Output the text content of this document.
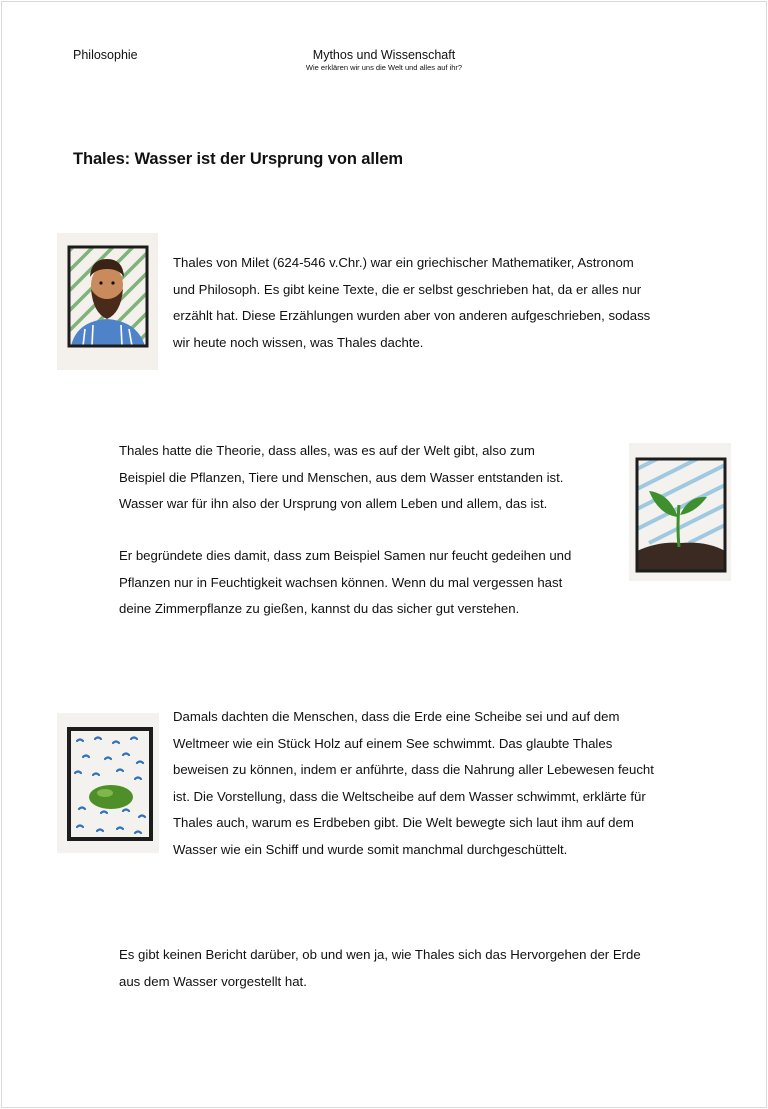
Philosophie	Mythos und Wissenschaft
Wie erklären wir uns die Welt und alles auf ihr?
Thales: Wasser ist der Ursprung von allem

Thales von Milet (624-546 v.Chr.) war ein griechischer Mathematiker, Astronom
und Philosoph. Es gibt keine Texte, die er selbst geschrieben hat, da er alles nur
erzählt hat. Diese Erzählungen wurden aber von anderen aufgeschrieben, sodass
wir heute noch wissen, was Thales dachte.

Thales hatte die Theorie, dass alles, was es auf der Welt gibt, also zum
Beispiel die Pflanzen, Tiere und Menschen, aus dem Wasser entstanden ist.
Wasser war für ihn also der Ursprung von allem Leben und allem, das ist.

Er begründete dies damit, dass zum Beispiel Samen nur feucht gedeihen und
Pflanzen nur in Feuchtigkeit wachsen können. Wenn du mal vergessen hast
deine Zimmerpflanze zu gießen, kannst du das sicher gut verstehen.

Damals dachten die Menschen, dass die Erde eine Scheibe sei und auf dem
Weltmeer wie ein Stück Holz auf einem See schwimmt. Das glaubte Thales
beweisen zu können, indem er anführte, dass die Nahrung aller Lebewesen feucht
ist. Die Vorstellung, dass die Weltscheibe auf dem Wasser schwimmt, erklärte für
Thales auch, warum es Erdbeben gibt. Die Welt bewegte sich laut ihm auf dem
Wasser wie ein Schiff und wurde somit manchmal durchgeschüttelt.

Es gibt keinen Bericht darüber, ob und wen ja, wie Thales sich das Hervorgehen der Erde
aus dem Wasser vorgestellt hat.
